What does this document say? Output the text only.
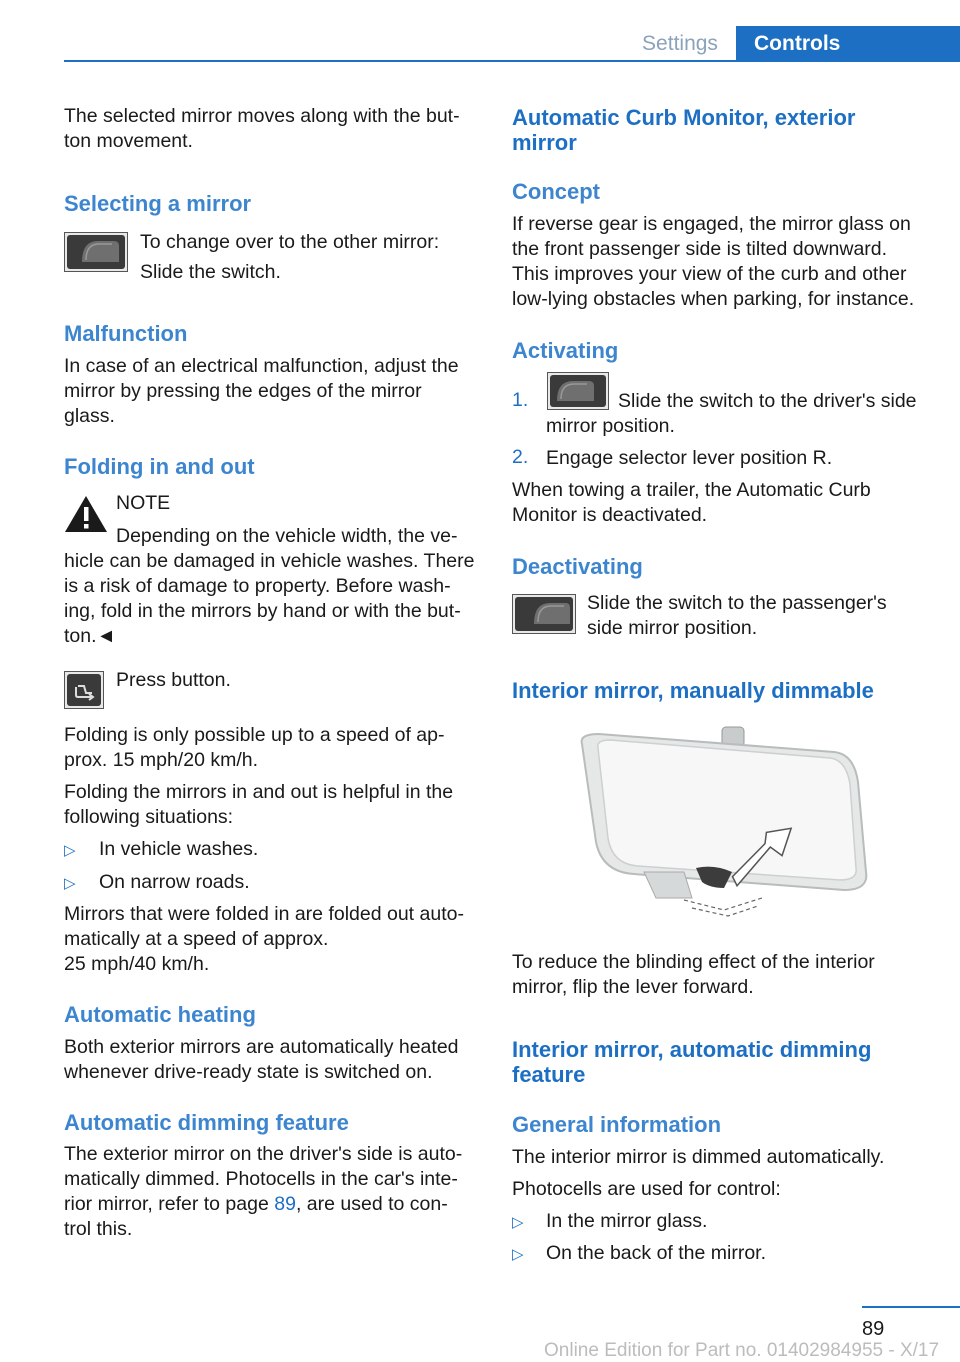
Settings	Controls

The selected mirror moves along with the but-

ton movement.

Selecting a mirror

To change over to the other mirror:

Slide the switch.

Malfunction

In case of an electrical malfunction, adjust the

mirror by pressing the edges of the mirror

glass.

Folding in and out

NOTE

Depending on the vehicle width, the ve-

hicle can be damaged in vehicle washes. There

is a risk of damage to property. Before wash-

ing, fold in the mirrors by hand or with the but-

ton.◄

Press button.

Folding is only possible up to a speed of ap-

prox. 15 mph/20 km/h.

Folding the mirrors in and out is helpful in the

following situations:

▷ In vehicle washes.

▷ On narrow roads.

Mirrors that were folded in are folded out auto-

matically at a speed of approx.

25 mph/40 km/h.

Automatic heating

Both exterior mirrors are automatically heated

whenever drive-ready state is switched on.

Automatic dimming feature

The exterior mirror on the driver's side is auto-

matically dimmed. Photocells in the car's inte-

rior mirror, refer to page 89, are used to con-

trol this.

Automatic Curb Monitor, exterior
mirror
Concept

If reverse gear is engaged, the mirror glass on

the front passenger side is tilted downward.

This improves your view of the curb and other

low-lying obstacles when parking, for instance.

Activating
1.	Slide the switch to the driver's side

mirror position.

2. Engage selector lever position R.

When towing a trailer, the Automatic Curb

Monitor is deactivated.

Deactivating

Slide the switch to the passenger's

side mirror position.

Interior mirror, manually dimmable

To reduce the blinding effect of the interior

mirror, flip the lever forward.

Interior mirror, automatic dimming
feature
General information

The interior mirror is dimmed automatically.

Photocells are used for control:

▷ In the mirror glass.

▷ On the back of the mirror.

89
Online Edition for Part no. 01402984955 - X/17
